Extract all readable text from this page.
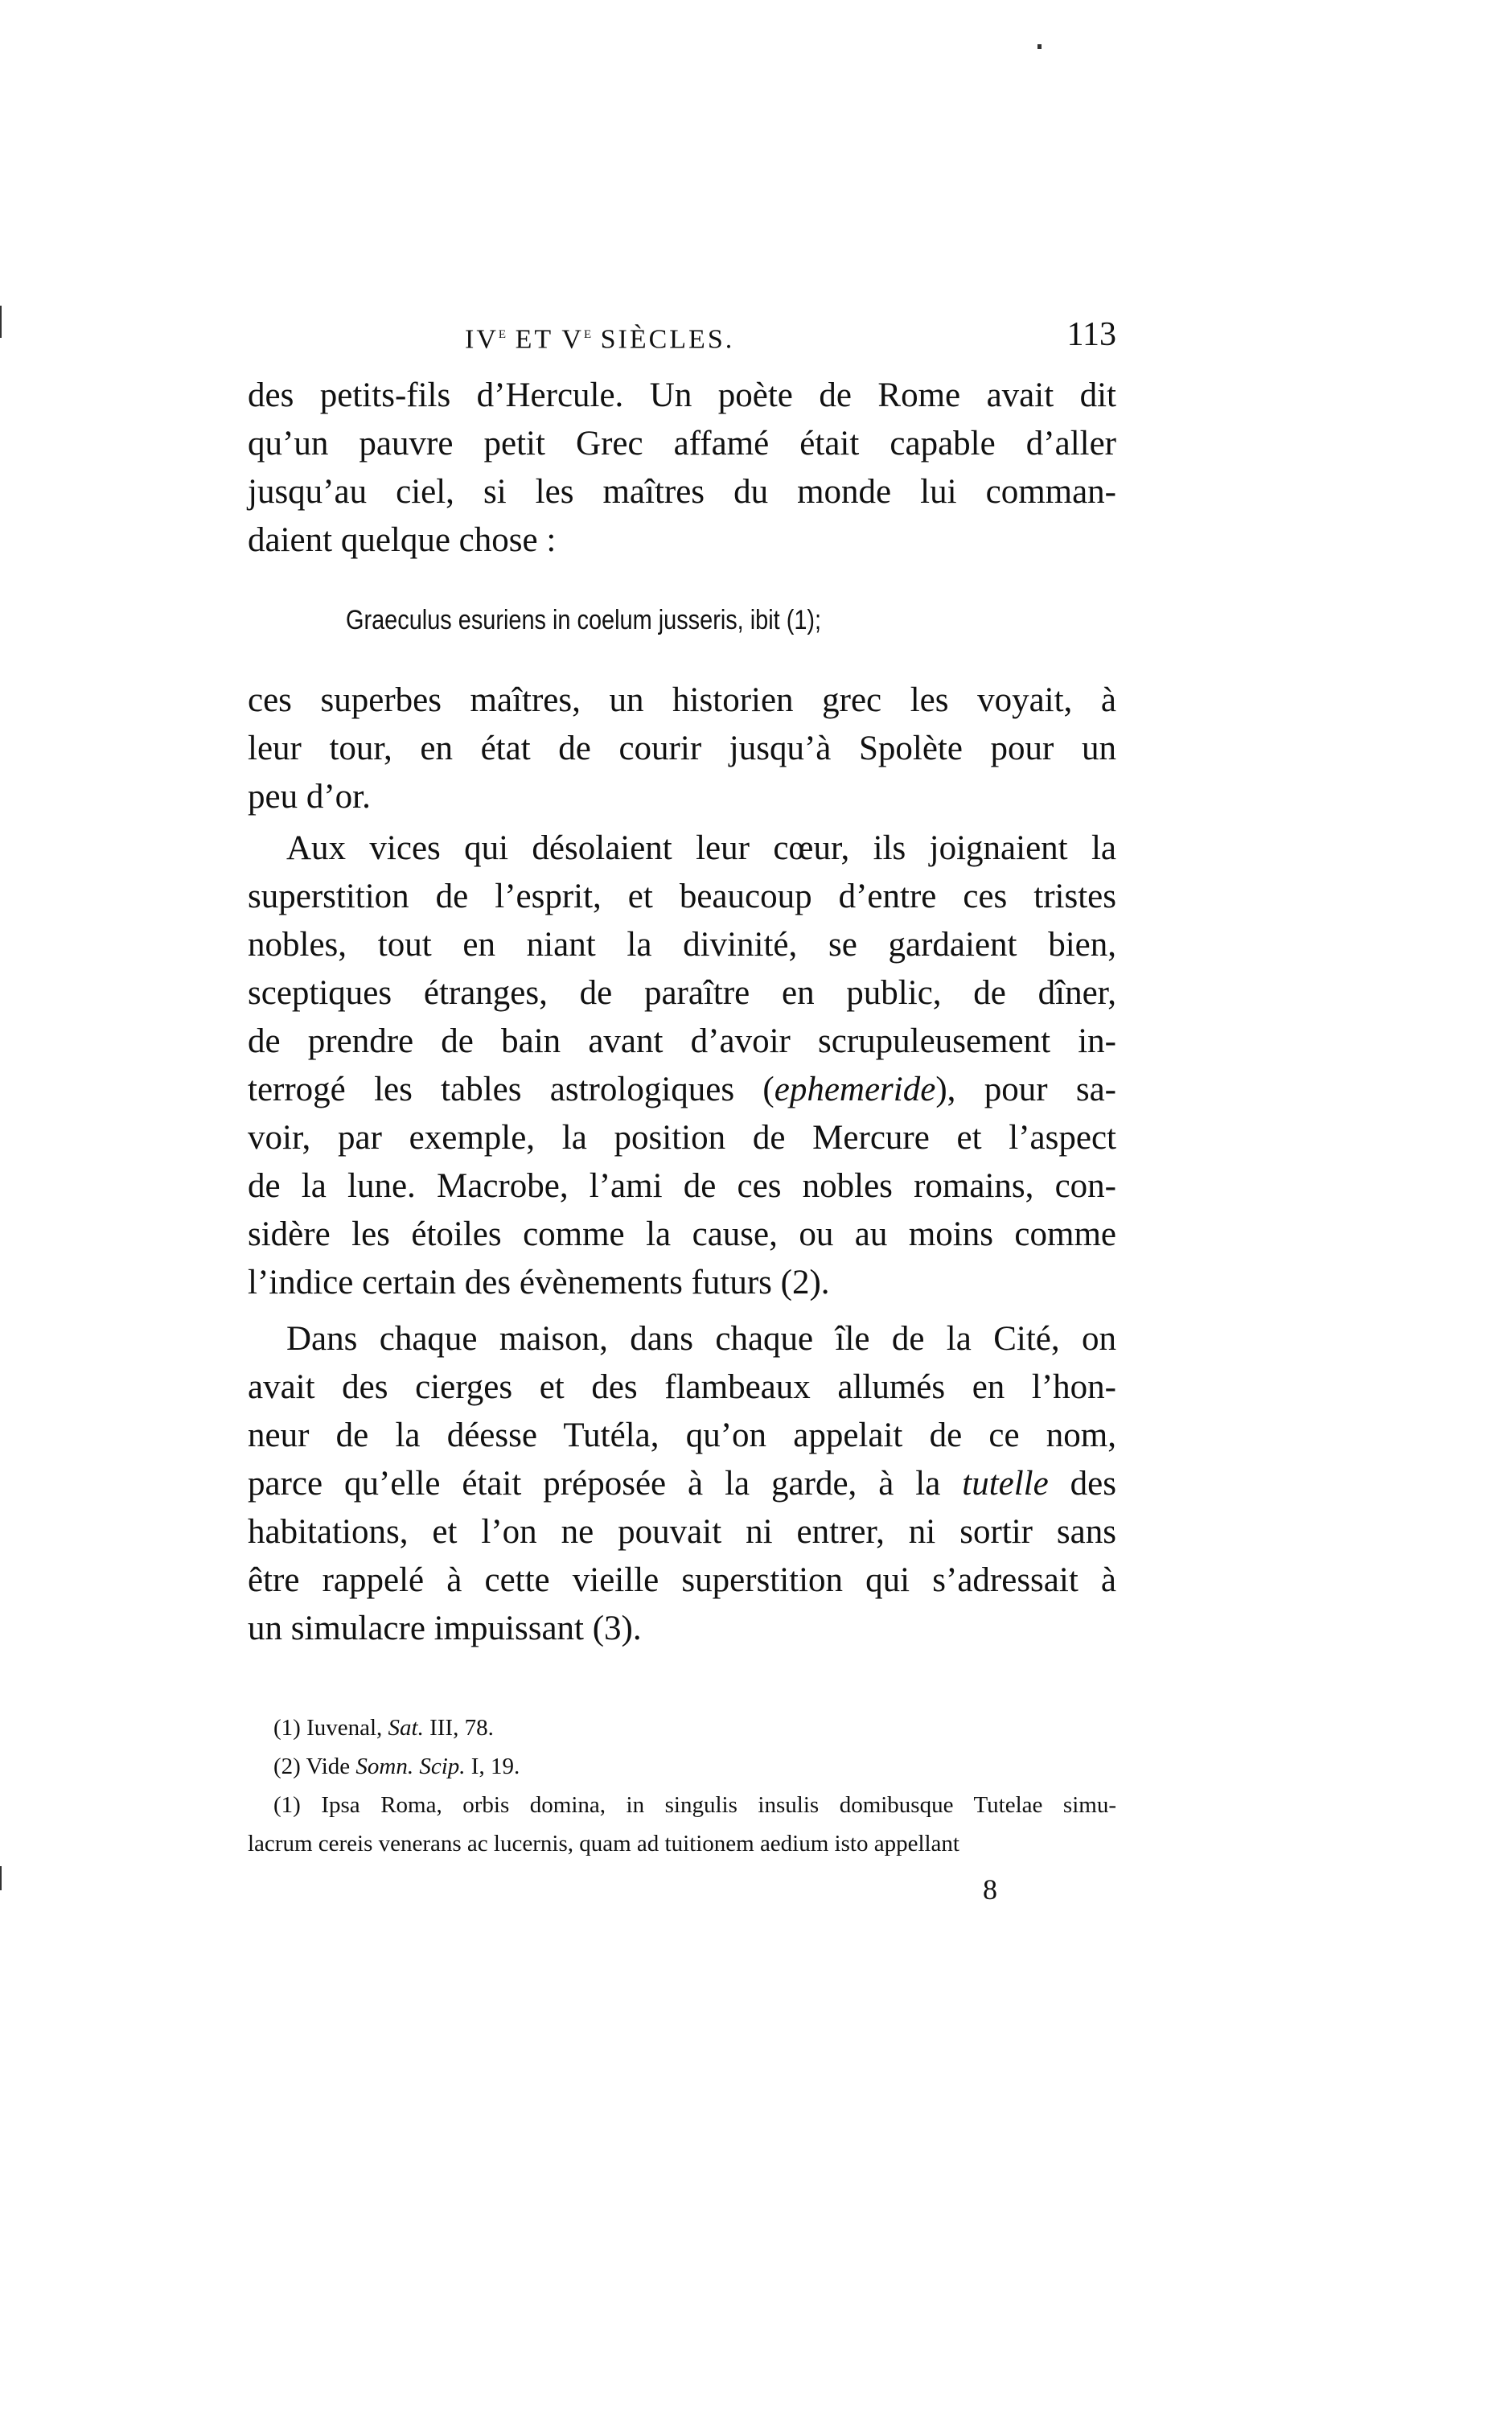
IVe ET Ve SIÈCLES.	113
des petits-fils d’Hercule. Un poète de Rome avait dit
qu’un pauvre petit Grec affamé était capable d’aller
jusqu’au ciel, si les maîtres du monde lui comman-
daient quelque chose :
Graeculus esuriens in coelum jusseris, ibit (1);
ces superbes maîtres, un historien grec les voyait, à
leur tour, en état de courir jusqu’à Spolète pour un
peu d’or.
Aux vices qui désolaient leur cœur, ils joignaient la
superstition de l’esprit, et beaucoup d’entre ces tristes
nobles, tout en niant la divinité, se gardaient bien,
sceptiques étranges, de paraître en public, de dîner,
de prendre de bain avant d’avoir scrupuleusement in-
terrogé les tables astrologiques (ephemeride), pour sa-
voir, par exemple, la position de Mercure et l’aspect
de la lune. Macrobe, l’ami de ces nobles romains, con-
sidère les étoiles comme la cause, ou au moins comme
l’indice certain des évènements futurs (2).
Dans chaque maison, dans chaque île de la Cité, on
avait des cierges et des flambeaux allumés en l’hon-
neur de la déesse Tutéla, qu’on appelait de ce nom,
parce qu’elle était préposée à la garde, à la tutelle des
habitations, et l’on ne pouvait ni entrer, ni sortir sans
être rappelé à cette vieille superstition qui s’adressait à
un simulacre impuissant (3).
(1) Iuvenal, Sat. III, 78.
(2) Vide Somn. Scip. I, 19.
(1) Ipsa Roma, orbis domina, in singulis insulis domibusque Tutelae simu-
lacrum cereis venerans ac lucernis, quam ad tuitionem aedium isto appellant
8
